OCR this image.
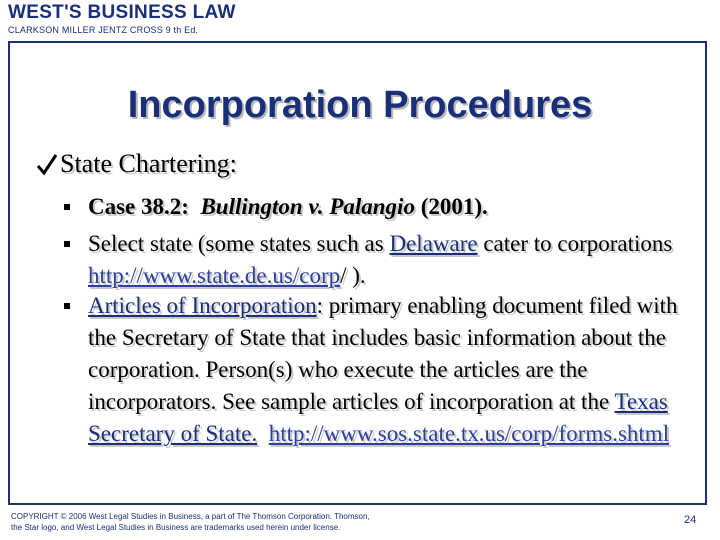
WEST'S BUSINESS LAW
CLARKSON MILLER JENTZ CROSS 9 th Ed.
Incorporation Procedures
State Chartering:
Case 38.2: Bullington v. Palangio (2001).
Select state (some states such as Delaware cater to corporations http://www.state.de.us/corp/ ).
Articles of Incorporation: primary enabling document filed with the Secretary of State that includes basic information about the corporation. Person(s) who execute the articles are the incorporators. See sample articles of incorporation at the Texas Secretary of State. http://www.sos.state.tx.us/corp/forms.shtml
COPYRIGHT © 2006 West Legal Studies in Business, a part of The Thomson Corporation. Thomson,
the Star logo, and West Legal Studies in Business are trademarks used herein under license.
24
